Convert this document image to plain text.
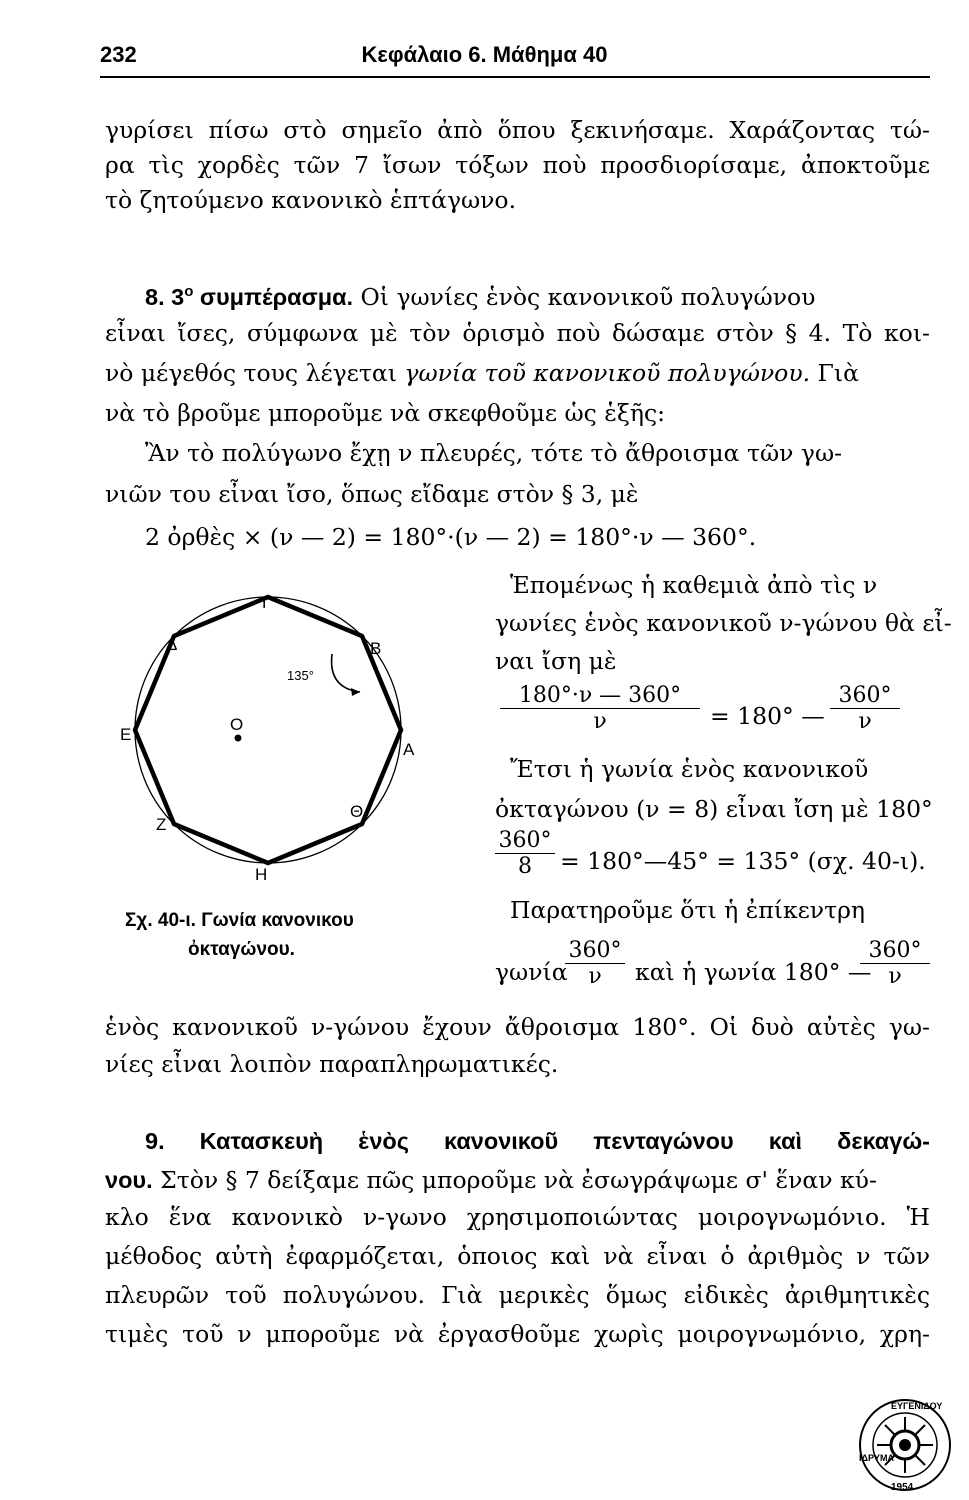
232	Κεφάλαιο 6. Μάθημα 40
γυρίσει πίσω στὸ σημεῖο ἀπὸ ὅπου ξεκινήσαμε. Χαράζοντας τώ-
ρα τὶς χορδὲς τῶν 7 ἴσων τόξων ποὺ προσδιορίσαμε, ἀποκτοῦμε
τὸ ζητούμενο κανονικὸ ἑπτάγωνο.
8. $3^o$ συμπέρασμα. Οἱ γωνίες ἑνὸς κανονικοῦ πολυγώνου
εἶναι ἴσες, σύμφωνα μὲ τὸν ὁρισμὸ ποὺ δώσαμε στὸν § 4. Τὸ κοι-
νὸ μέγεθός τους λέγεται γωνία τοῦ κανονικοῦ πολυγώνου. Γιὰ
νὰ τὸ βροῦμε μποροῦμε νὰ σκεφθοῦμε ὡς ἑξῆς:
Ἂν τὸ πολύγωνο ἔχῃ ν πλευρές, τότε τὸ ἄθροισμα τῶν γω-
νιῶν του εἶναι ἴσο, ὅπως εἴδαμε στὸν § 3, μὲ
2 ὀρθὲς × (ν — 2) = 180°·(ν — 2) = 180°·ν — 360°.
Ἑπομένως ἡ καθεμιὰ ἀπὸ τὶς ν
γωνίες ἑνὸς κανονικοῦ ν-γώνου θὰ εἶ-
ναι ἴση μὲ
$\frac{180^\circ\cdot\nu — 360^\circ}{\nu} = 180^\circ$ — $\frac{360^\circ}{\nu}$
Ἔτσι ἡ γωνία ἑνὸς κανονικοῦ
ὀκταγώνου (ν = 8) εἶναι ἴση μὲ 180°
$\frac{360^\circ}{8}$ = 180°—45° = 135° (σχ. 40-ι).
Παρατηροῦμε ὅτι ἡ ἐπίκεντρη
γωνία
$\frac{360^\circ}{\nu}$ καὶ ἡ γωνία 180° —
$\frac{360^\circ}{\nu}$
135°
Ο
Γ
Β
Δ
Α
Ε
Ζ
Θ
Η
Σχ. 40-ι. Γωνία κανονικου
ὀκταγώνου.
ἑνὸς κανονικοῦ ν-γώνου ἔχουν ἄθροισμα 180°. Οἱ δυὸ αὐτὲς γω-
νίες εἶναι λοιπὸν παραπληρωματικές.
9. Κατασκευὴ ἑνὸς κανονικοῦ πενταγώνου καὶ δεκαγώ-
νου. Στὸν § 7 δείξαμε πῶς μποροῦμε νὰ ἐσωγράψωμε σ' ἕναν κύ-
κλο ἕνα κανονικὸ ν-γωνο χρησιμοποιώντας μοιρογνωμόνιο. Ἡ
μέθοδος αὐτὴ ἐφαρμόζεται, ὁποιος καὶ νὰ εἶναι ὁ ἀριθμὸς ν τῶν
πλευρῶν τοῦ πολυγώνου. Γιὰ μερικὲς ὅμως εἰδικὲς ἀριθμητικὲς
τιμὲς τοῦ ν μποροῦμε νὰ ἐργασθοῦμε χωρὶς μοιρογνωμόνιο, χρη-
ΕΥΓΕΝΙΔΟΥ
ΙΔΡΥΜΑ
1954
